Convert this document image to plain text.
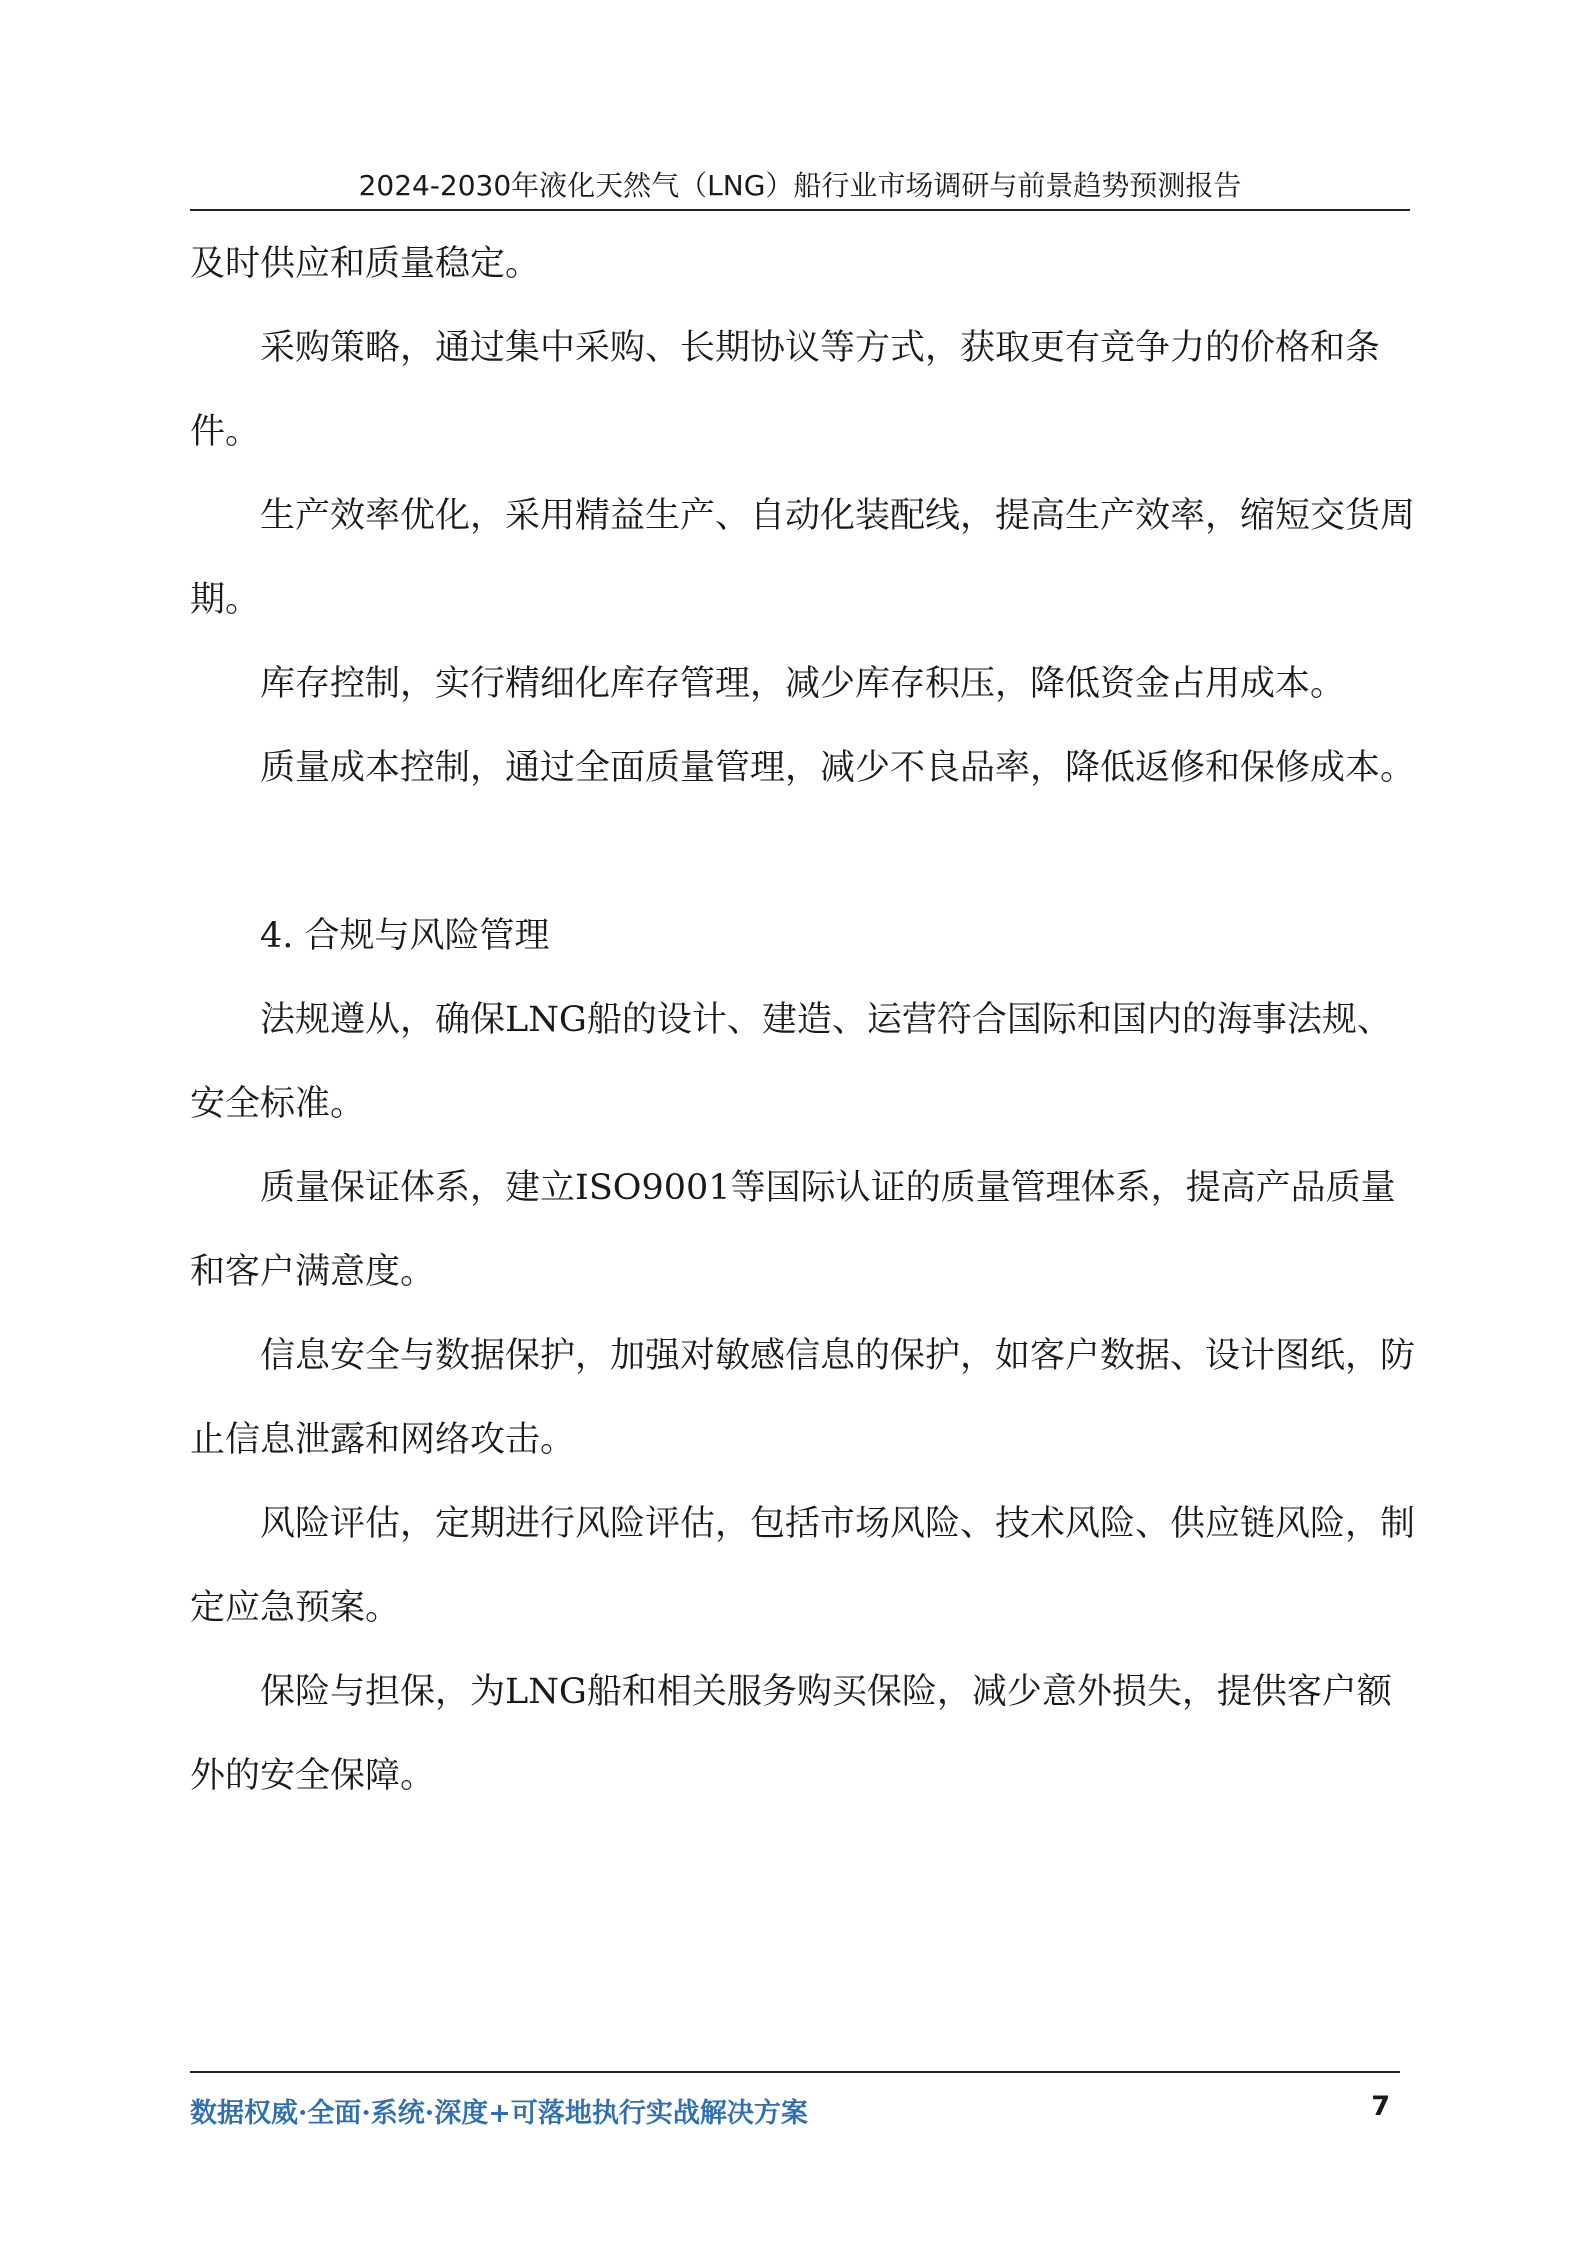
2024-2030年液化天然气（LNG）船行业市场调研与前景趋势预测报告

及时供应和质量稳定。

采购策略，通过集中采购、长期协议等方式，获取更有竞争力的价格和条件。

生产效率优化，采用精益生产、自动化装配线，提高生产效率，缩短交货周期。

库存控制，实行精细化库存管理，减少库存积压，降低资金占用成本。

质量成本控制，通过全面质量管理，减少不良品率，降低返修和保修成本。

4. 合规与风险管理

法规遵从，确保LNG船的设计、建造、运营符合国际和国内的海事法规、安全标准。

质量保证体系，建立ISO9001等国际认证的质量管理体系，提高产品质量和客户满意度。

信息安全与数据保护，加强对敏感信息的保护，如客户数据、设计图纸，防止信息泄露和网络攻击。

风险评估，定期进行风险评估，包括市场风险、技术风险、供应链风险，制定应急预案。

保险与担保，为LNG船和相关服务购买保险，减少意外损失，提供客户额外的安全保障。

数据权威·全面·系统·深度+可落地执行实战解决方案	7
